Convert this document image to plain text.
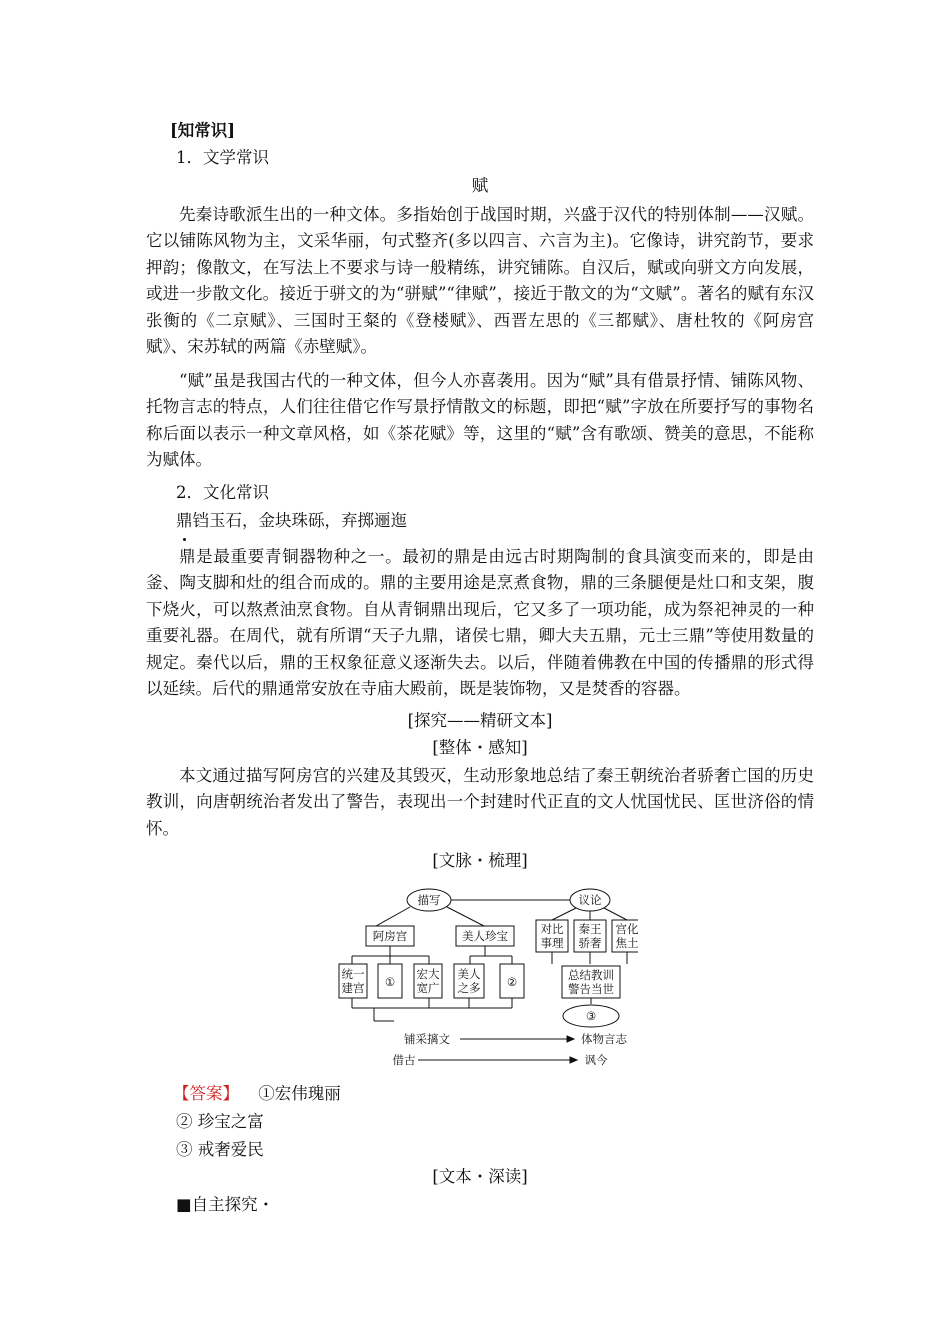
[知常识]
1．文学常识
赋
先秦诗歌派生出的一种文体。多指始创于战国时期，兴盛于汉代的特别体制——汉赋。它以铺陈风物为主，文采华丽，句式整齐(多以四言、六言为主)。它像诗，讲究韵节，要求押韵；像散文，在写法上不要求与诗一般精练，讲究铺陈。自汉后，赋或向骈文方向发展，或进一步散文化。接近于骈文的为“骈赋”“律赋”，接近于散文的为“文赋”。著名的赋有东汉张衡的《二京赋》、三国时王粲的《登楼赋》、西晋左思的《三都赋》、唐杜牧的《阿房宫赋》、宋苏轼的两篇《赤壁赋》。
“赋”虽是我国古代的一种文体，但今人亦喜袭用。因为“赋”具有借景抒情、铺陈风物、托物言志的特点，人们往往借它作写景抒情散文的标题，即把“赋”字放在所要抒写的事物名称后面以表示一种文章风格，如《茶花赋》等，这里的“赋”含有歌颂、赞美的意思，不能称为赋体。
2．文化常识
鼎铛玉石，金块珠砾，弃掷逦迤
鼎是最重要青铜器物种之一。最初的鼎是由远古时期陶制的食具演变而来的，即是由釜、陶支脚和灶的组合而成的。鼎的主要用途是烹煮食物，鼎的三条腿便是灶口和支架，腹下烧火，可以熬煮油烹食物。自从青铜鼎出现后，它又多了一项功能，成为祭祀神灵的一种重要礼器。在周代，就有所谓“天子九鼎，诸侯七鼎，卿大夫五鼎，元士三鼎”等使用数量的规定。秦代以后，鼎的王权象征意义逐渐失去。以后，伴随着佛教在中国的传播鼎的形式得以延续。后代的鼎通常安放在寺庙大殿前，既是装饰物，又是焚香的容器。
[探究——精研文本]
[整体・感知]
本文通过描写阿房宫的兴建及其毁灭，生动形象地总结了秦王朝统治者骄奢亡国的历史教训，向唐朝统治者发出了警告，表现出一个封建时代正直的文人忧国忧民、匡世济俗的情怀。
[文脉・梳理]
描写	议论
阿房宫	美人珍宝
统一
建宫 ①
宏大
宽广
美人
之多 ②
对比
事理
秦王
骄奢
宫化
焦土
总结教训
警告当世
③
铺采摛文	体物言志
借古	讽今
【答案】 ①宏伟瑰丽
② 珍宝之富
③ 戒奢爱民
[文本・深读]
■自主探究・
